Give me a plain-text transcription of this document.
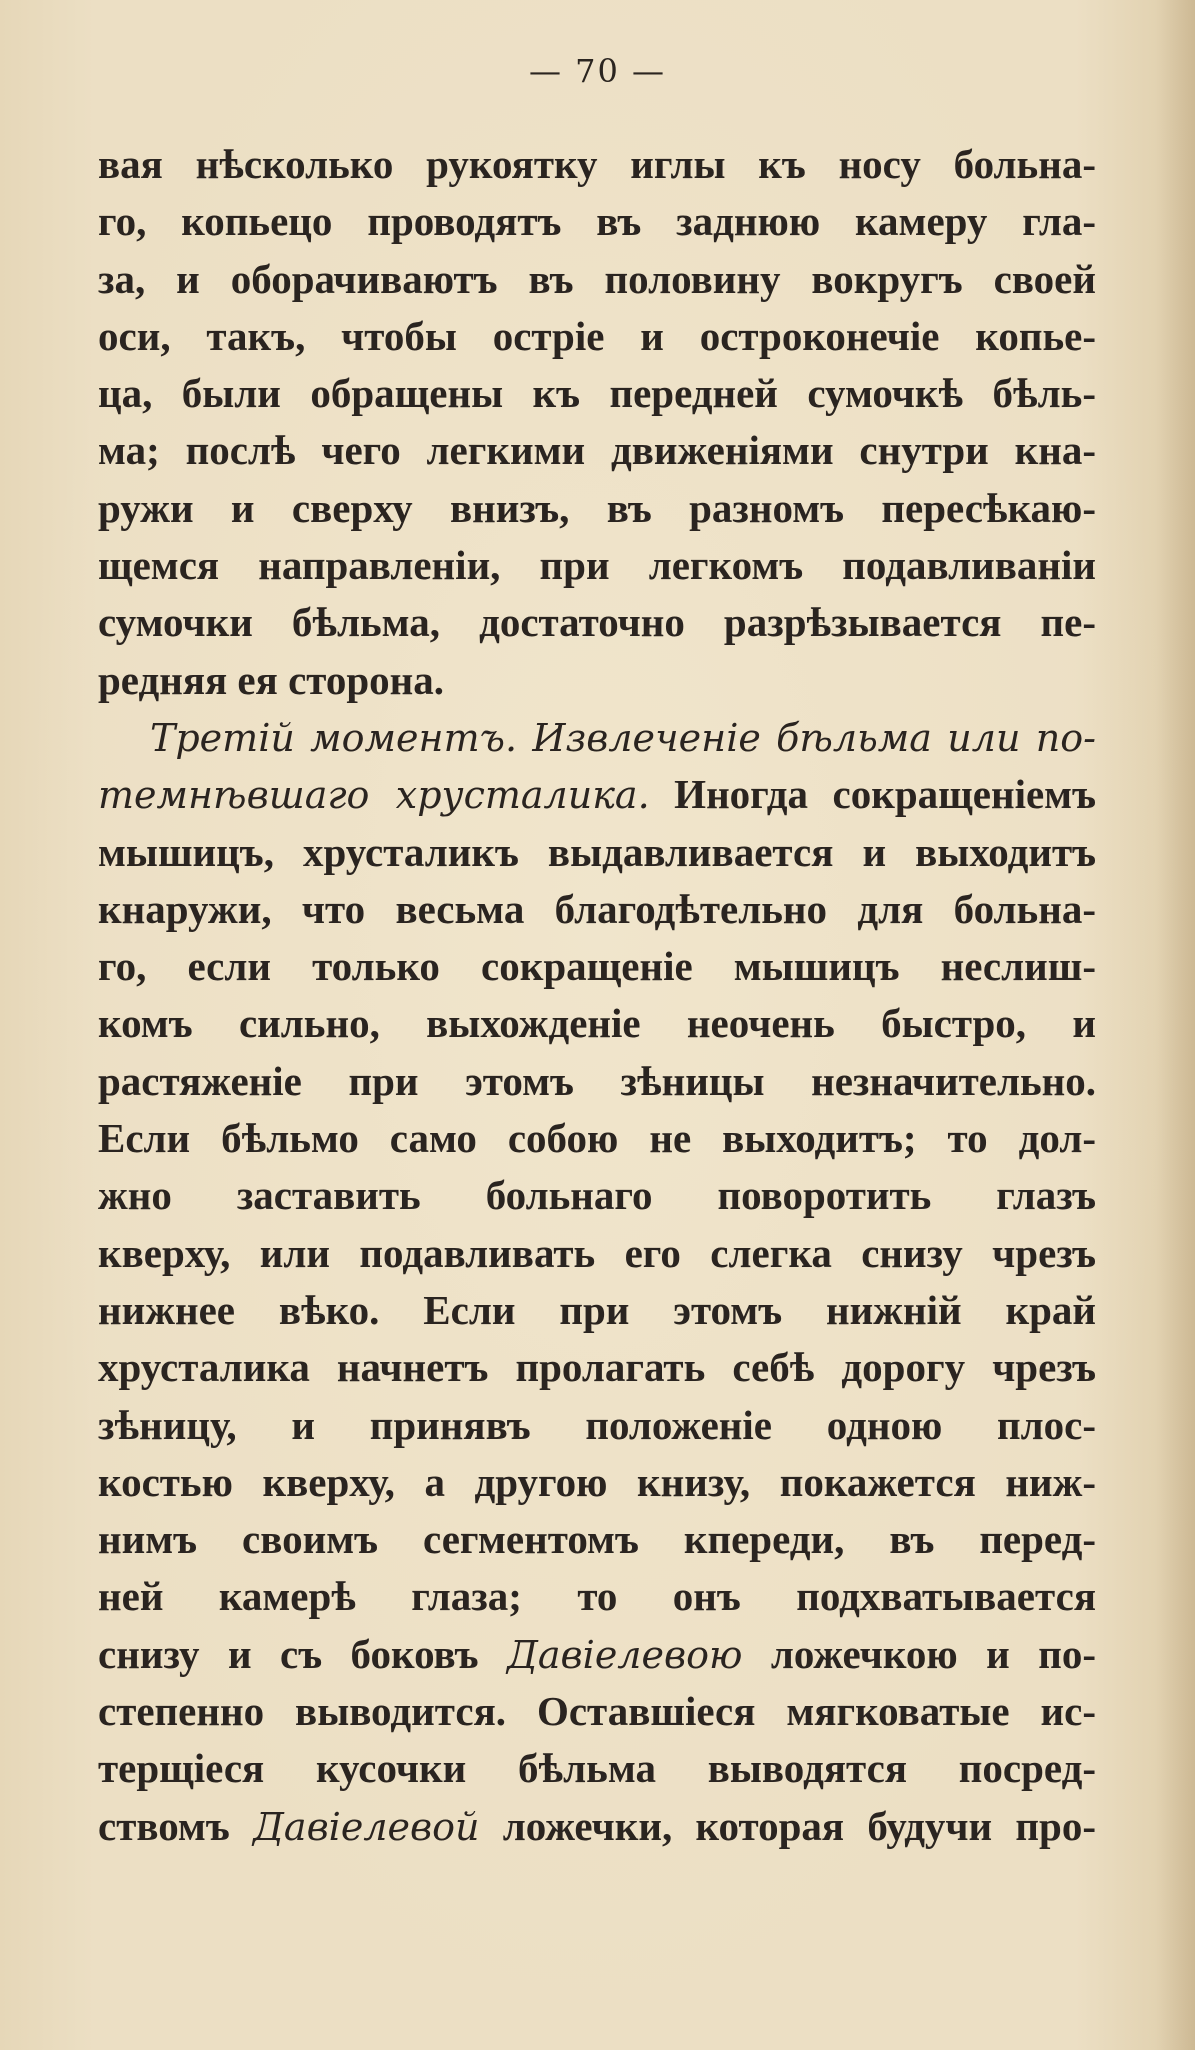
— 70 —
вая нѣсколько рукоятку иглы къ носу больна-
го, копьецо проводятъ въ заднюю камеру гла-
за, и оборачиваютъ въ половину вокругъ своей
оси, такъ, чтобы острiе и остроконечiе копье-
ца, были обращены къ передней сумочкѣ бѣль-
ма; послѣ чего легкими движенiями снутри кна-
ружи и сверху внизъ, въ разномъ пересѣкаю-
щемся направленiи, при легкомъ подавливанiи
сумочки бѣльма, достаточно разрѣзывается пе-
редняя ея сторона.
Третiй моментъ. Извлеченiе бѣльма или по-
темнѣвшаго хрусталика. Иногда сокращенiемъ
мышицъ, хрусталикъ выдавливается и выходитъ
кнаружи, что весьма благодѣтельно для больна-
го, если только сокращенiе мышицъ неслиш-
комъ сильно, выхожденiе неочень быстро, и
растяженiе при этомъ зѣницы незначительно.
Если бѣльмо само собою не выходитъ; то дол-
жно заставить больнаго поворотить глазъ
кверху, или подавливать его слегка снизу чрезъ
нижнее вѣко. Если при этомъ нижнiй край
хрусталика начнетъ пролагать себѣ дорогу чрезъ
зѣницу, и принявъ положенiе одною плос-
костью кверху, а другою книзу, покажется ниж-
нимъ своимъ сегментомъ кпереди, въ перед-
ней камерѣ глаза; то онъ подхватывается
снизу и съ боковъ Давiелевою ложечкою и по-
степенно выводится. Оставшiеся мягковатые ис-
терщiеся кусочки бѣльма выводятся посред-
ствомъ Давiелевой ложечки, которая будучи про-
